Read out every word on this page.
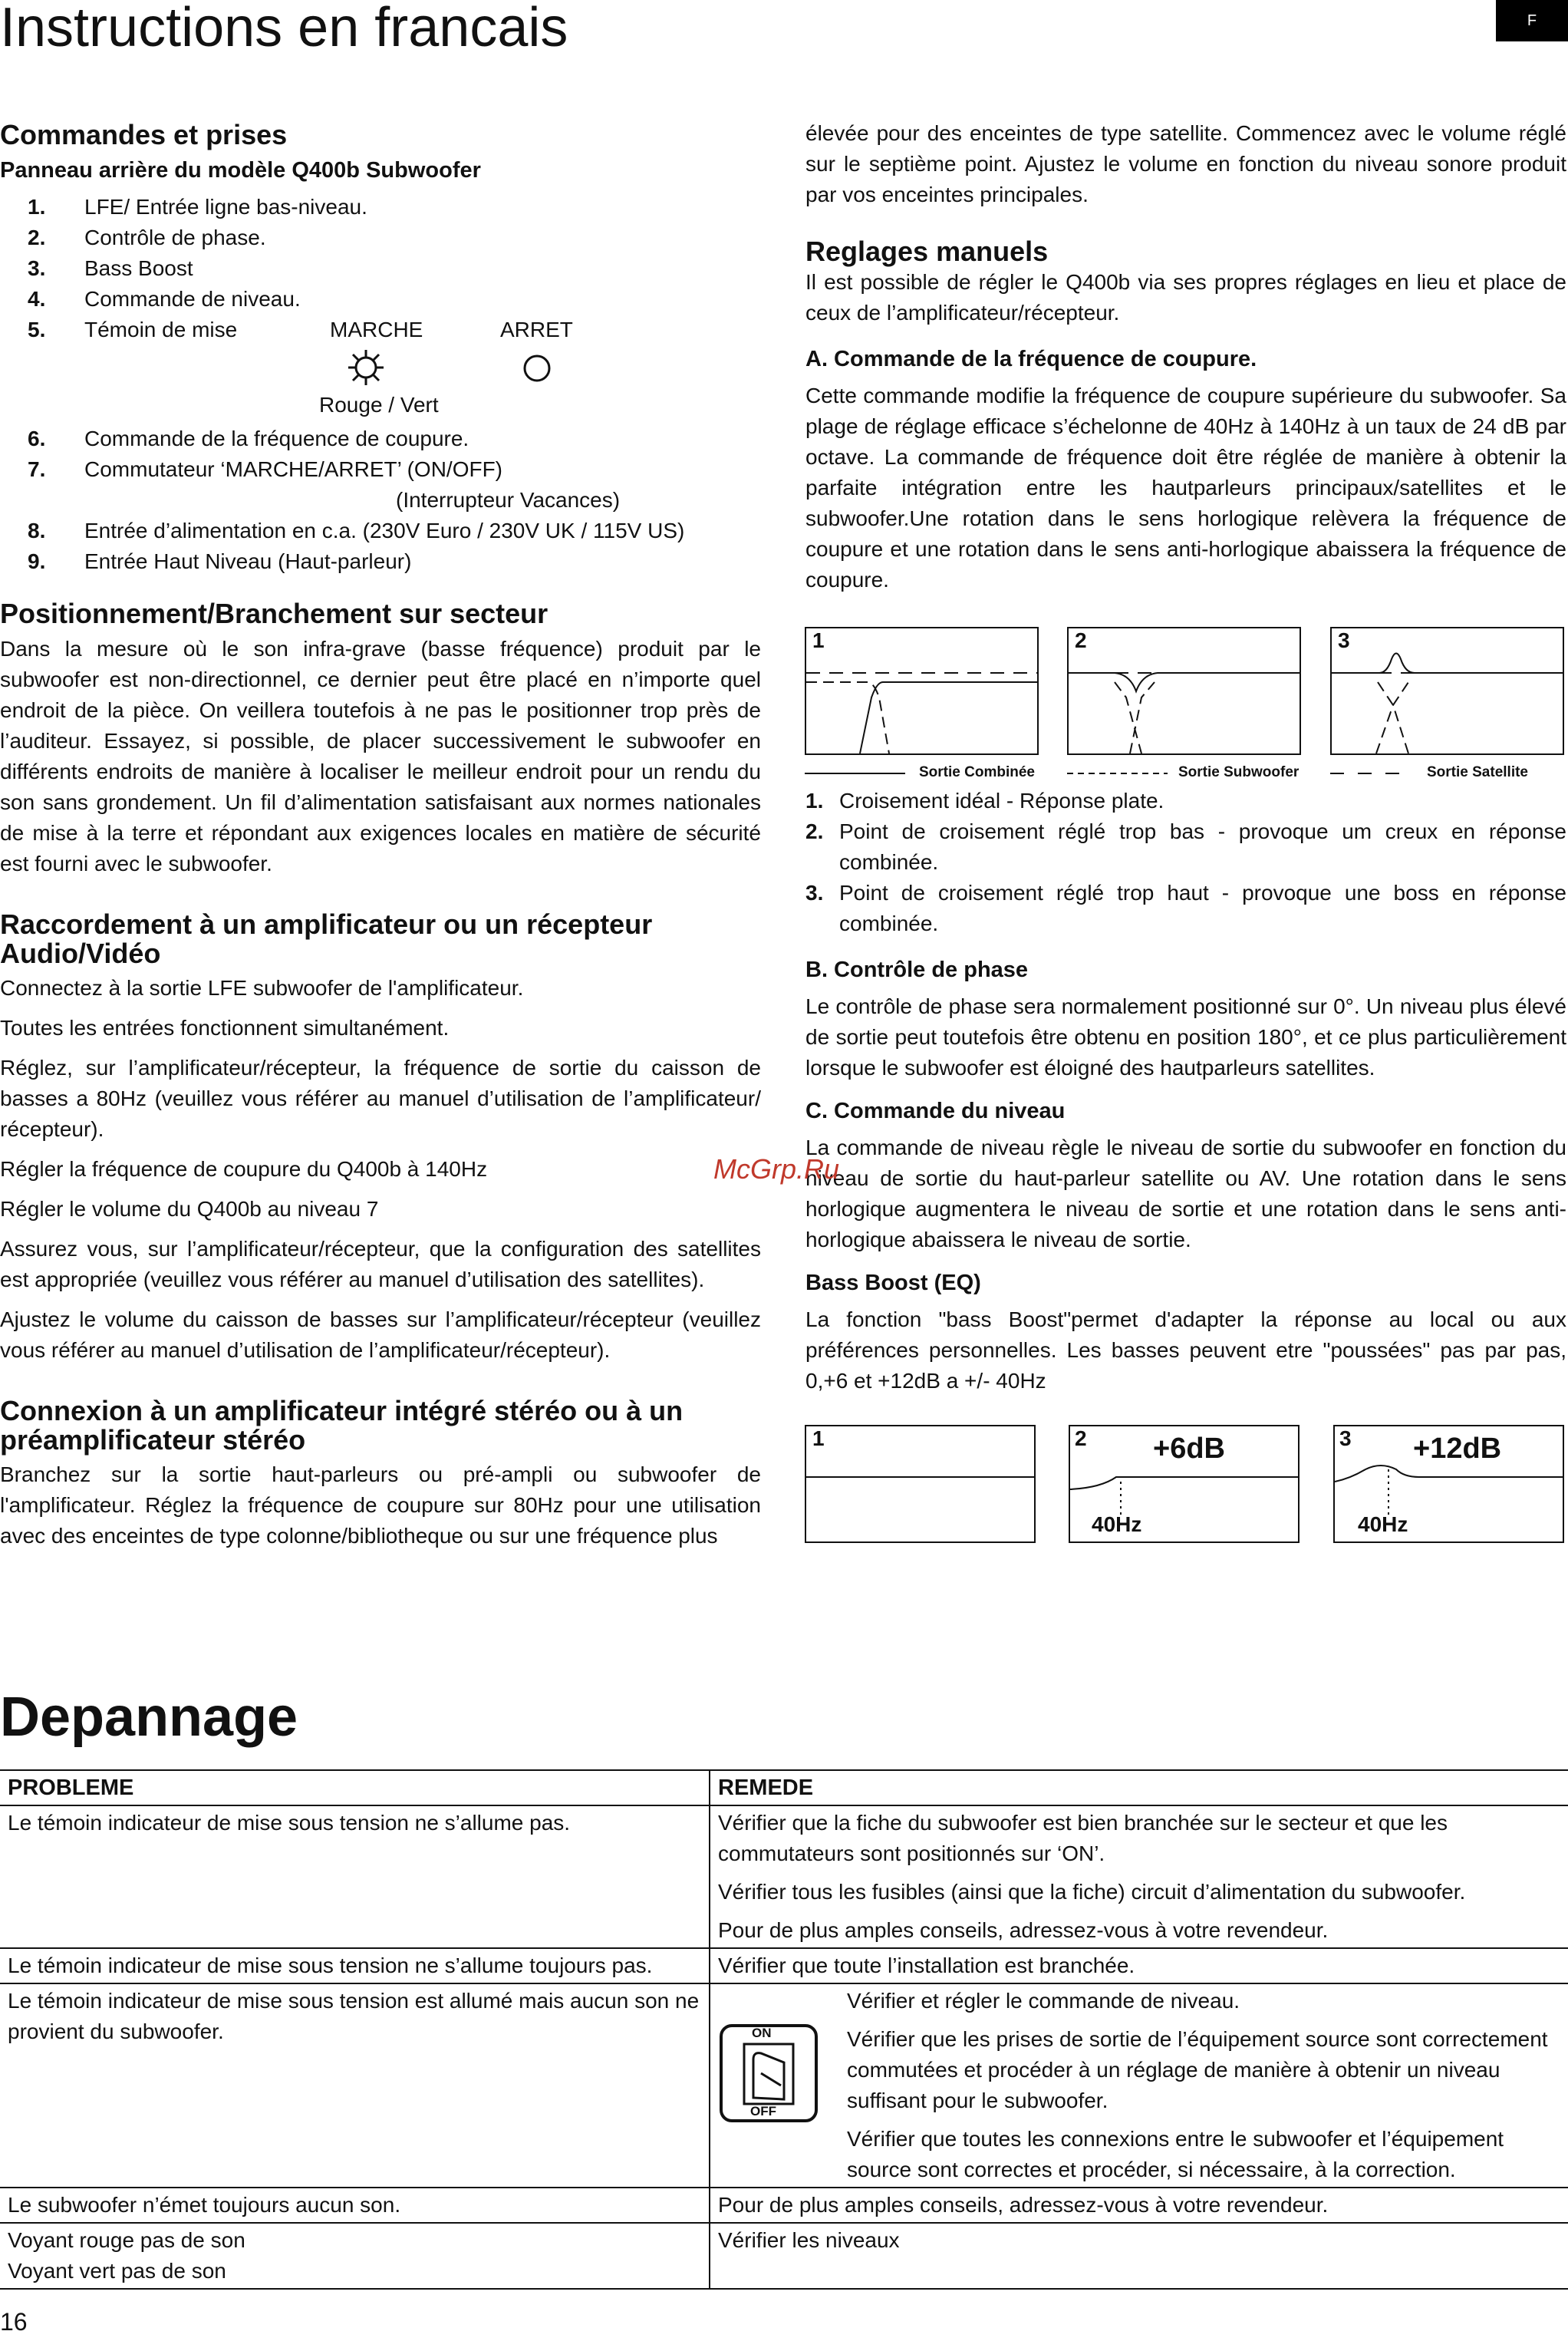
Instructions en francais	F
Commandes et prises
Panneau arrière du modèle Q400b Subwoofer
1.	LFE/ Entrée ligne bas-niveau.
2.	Contrôle de phase.
3.	Bass Boost
4.	Commande de niveau.
5.	Témoin de mise	MARCHE	ARRET
Rouge / Vert
6.	Commande de la fréquence de coupure.
7.	Commutateur ‘MARCHE/ARRET’ (ON/OFF)
(Interrupteur Vacances)
8.	Entrée d’alimentation en c.a. (230V Euro / 230V UK / 115V US)
9.	Entrée Haut Niveau (Haut-parleur)
Positionnement/Branchement sur secteur

Dans la mesure où le son infra-grave (basse fréquence) produit par le subwoofer est non-directionnel, ce dernier peut être placé en n’importe quel endroit de la pièce. On veillera toutefois à ne pas le positionner trop près de l’auditeur. Essayez, si possible, de placer successivement le subwoofer en différents endroits de manière à localiser le meilleur endroit pour un rendu du son sans grondement. Un fil d’alimentation satisfaisant aux normes nationales de mise à la terre et répondant aux exigences locales en matière de sécurité est fourni avec le subwoofer.

Raccordement à un amplificateur ou un récepteur Audio/Vidéo

Connectez à la sortie LFE subwoofer de l'amplificateur.

Toutes les entrées fonctionnent simultanément.

Réglez, sur l’amplificateur/récepteur, la fréquence de sortie du caisson de basses a 80Hz (veuillez vous référer au manuel d’utilisation de l’amplificateur/ récepteur).

Régler la fréquence de coupure du Q400b à 140Hz

Régler le volume du Q400b au niveau 7

Assurez vous, sur l’amplificateur/récepteur, que la configuration des satellites est appropriée (veuillez vous référer au manuel d’utilisation des satellites).

Ajustez le volume du caisson de basses sur l’amplificateur/récepteur (veuillez vous référer au manuel d’utilisation de l’amplificateur/récepteur).

Connexion à un amplificateur intégré stéréo ou à un préamplificateur stéréo

Branchez sur la sortie haut-parleurs ou pré-ampli ou subwoofer de l'amplificateur. Réglez la fréquence de coupure sur 80Hz pour une utilisation avec des enceintes de type colonne/bibliotheque ou sur une fréquence plus

élevée pour des enceintes de type satellite. Commencez avec le volume réglé sur le septième point. Ajustez le volume en fonction du niveau sonore produit par vos enceintes principales.

Reglages manuels

Il est possible de régler le Q400b via ses propres réglages en lieu et place de ceux de l’amplificateur/récepteur.

A. Commande de la fréquence de coupure.

Cette commande modifie la fréquence de coupure supérieure du subwoofer. Sa plage de réglage efficace s’échelonne de 40Hz à 140Hz à un taux de 24 dB par octave. La commande de fréquence doit être réglée de manière à obtenir la parfaite intégration entre les hautparleurs principaux/satellites et le subwoofer.Une rotation dans le sens horlogique relèvera la fréquence de coupure et une rotation dans le sens anti-horlogique abaissera la fréquence de coupure.

1	2	3
Sortie Combinée	Sortie Subwoofer	Sortie Satellite
1. Croisement idéal - Réponse plate.
2. Point de croisement réglé trop bas - provoque um creux en réponse combinée.
3. Point de croisement réglé trop haut - provoque une boss en réponse combinée.
B. Contrôle de phase

Le contrôle de phase sera normalement positionné sur 0°. Un niveau plus élevé de sortie peut toutefois être obtenu en position 180°, et ce plus particulièrement lorsque le subwoofer est éloigné des hautparleurs satellites.

C. Commande du niveau

La commande de niveau règle le niveau de sortie du subwoofer en fonction du niveau de sortie du haut-parleur satellite ou AV. Une rotation dans le sens horlogique augmentera le niveau de sortie et une rotation dans le sens anti-horlogique abaissera le niveau de sortie.

Bass Boost (EQ)

La fonction "bass Boost"permet d'adapter la réponse au local ou aux préférences personnelles. Les basses peuvent etre "poussées" pas par pas, 0,+6 et +12dB a +/- 40Hz

1	2 +6dB
40Hz
3 +12dB
40Hz
McGrp.Ru
Depannage
PROBLEME	REMEDE

Le témoin indicateur de mise sous tension ne s’allume pas.	Vérifier que la fiche du subwoofer est bien branchée sur le secteur et que les commutateurs sont positionnés sur ‘ON’.

Vérifier tous les fusibles (ainsi que la fiche) circuit d’alimentation du subwoofer.

Pour de plus amples conseils, adressez-vous à votre revendeur.

Le témoin indicateur de mise sous tension ne s’allume toujours pas.	Vérifier que toute l’installation est branchée.

Le témoin indicateur de mise sous tension est allumé mais aucun son ne provient du subwoofer.	ON
OFF

Vérifier et régler le commande de niveau.

Vérifier que les prises de sortie de l’équipement source sont correctement commutées et procéder à un réglage de manière à obtenir un niveau suffisant pour le subwoofer.

Vérifier que toutes les connexions entre le subwoofer et l’équipement source sont correctes et procéder, si nécessaire, à la correction.

Le subwoofer n’émet toujours aucun son.	Pour de plus amples conseils, adressez-vous à votre revendeur.

Voyant rouge pas de son
Voyant vert pas de son	Vérifier les niveaux

16
